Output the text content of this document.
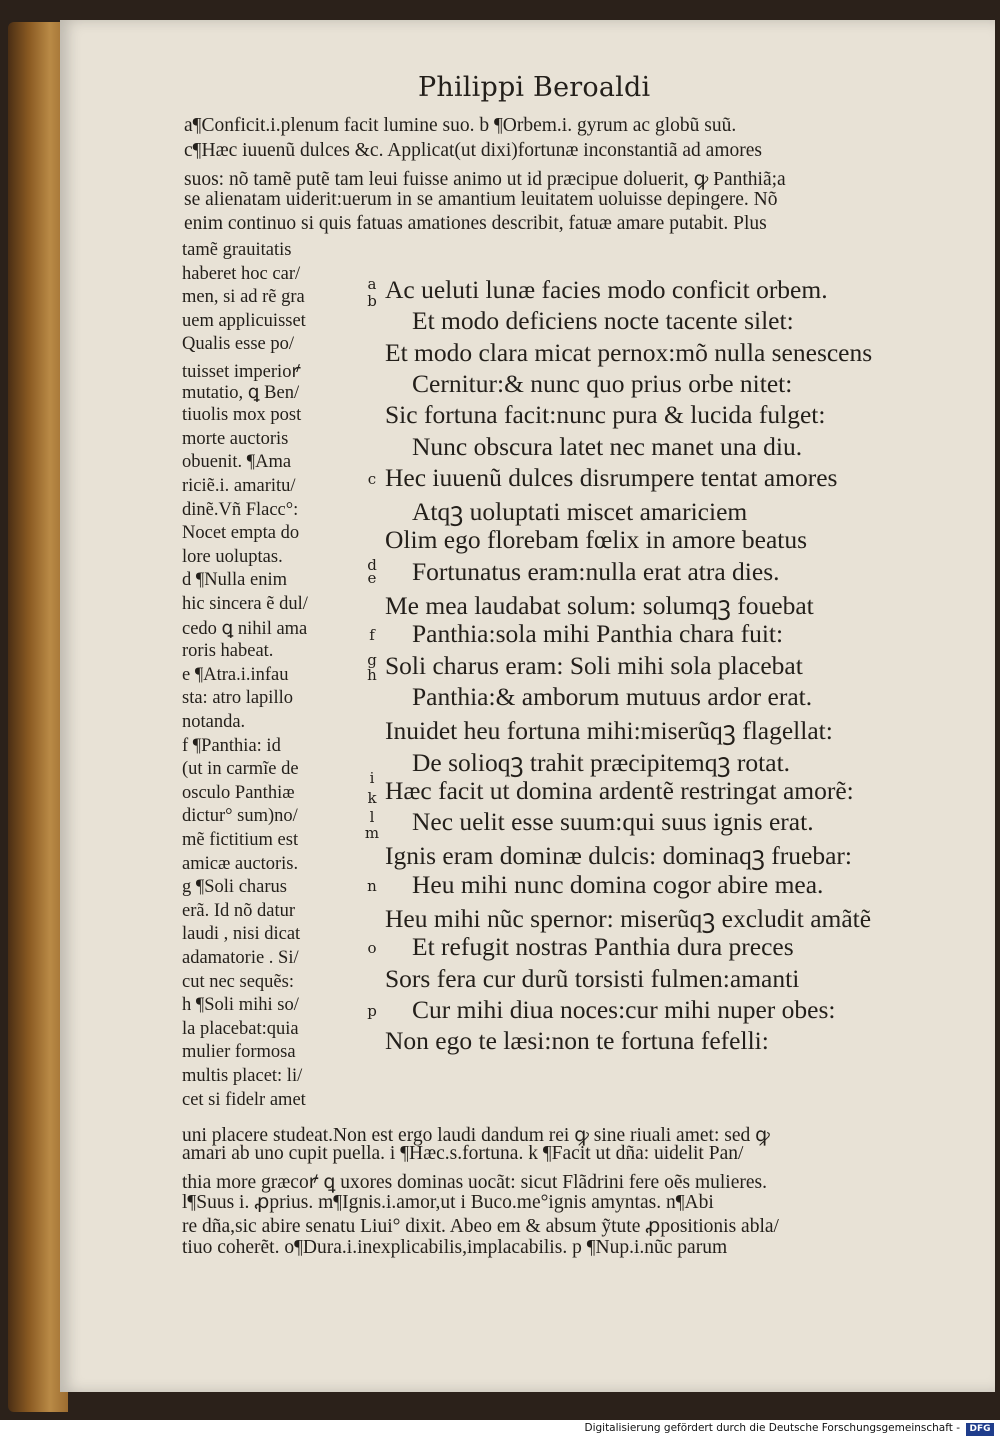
Philippi Beroaldi
a¶Conficit.i.plenum facit lumine suo. b ¶Orbem.i. gyrum ac globũ suũ.
c¶Hæc iuuenũ dulces &c. Applicat(ut dixi)fortunæ inconstantiã ad amores
suos: nõ tamẽ putẽ tam leui fuisse animo ut id præcipue doluerit, ꝙ Panthiã;a
se alienatam uiderit:uerum in se amantium leuitatem uoluisse depingere. Nõ
enim continuo si quis fatuas amationes describit, fatuæ amare putabit. Plus
tamẽ grauitatis
haberet hoc car/
men, si ad rẽ gra
uem applicuisset
Qualis esse po/
tuisset imperioꝵ
mutatio, ꝗ Ben/
tiuolis mox post
morte auctoris
obuenit. ¶Ama
riciẽ.i. amaritu/
dinẽ.Vñ Flacc°:
Nocet empta do
lore uoluptas.
d ¶Nulla enim
hic sincera ẽ dul/
cedo ꝗ nihil ama
roris habeat.
e ¶Atra.i.infau
sta: atro lapillo
notanda.
f ¶Panthia: id
(ut in carmĩe de
osculo Panthiæ
dictur° sum)no/
mẽ fictitium est
amicæ auctoris.
g ¶Soli charus
erã. Id nõ datur
laudi , nisi dicat
adamatorie . Si/
cut nec sequẽs:
h ¶Soli mihi so/
la placebat:quia
mulier formosa
multis placet: li/
cet si fidelr amet
a
b
c
d
e
f
g
h
i
k
l
m
n
o
p
Ac ueluti lunæ facies modo conficit orbem.
Et modo deficiens nocte tacente silet:
Et modo clara micat pernox:mõ nulla senescens
Cernitur:& nunc quo prius orbe nitet:
Sic fortuna facit:nunc pura & lucida fulget:
Nunc obscura latet nec manet una diu.
Hec iuuenũ dulces disrumpere tentat amores
Atqꝫ uoluptati miscet amariciem
Olim ego florebam fœlix in amore beatus
Fortunatus eram:nulla erat atra dies.
Me mea laudabat solum: solumqꝫ fouebat
Panthia:sola mihi Panthia chara fuit:
Soli charus eram: Soli mihi sola placebat
Panthia:& amborum mutuus ardor erat.
Inuidet heu fortuna mihi:miserũqꝫ flagellat:
De solioqꝫ trahit præcipitemqꝫ rotat.
Hæc facit ut domina ardentẽ restringat amorẽ:
Nec uelit esse suum:qui suus ignis erat.
Ignis eram dominæ dulcis: dominaqꝫ fruebar:
Heu mihi nunc domina cogor abire mea.
Heu mihi nũc spernor: miserũqꝫ excludit amãtẽ
Et refugit nostras Panthia dura preces
Sors fera cur durũ torsisti fulmen:amanti
Cur mihi diua noces:cur mihi nuper obes:
Non ego te læsi:non te fortuna fefelli:
uni placere studeat.Non est ergo laudi dandum rei ꝙ sine riuali amet: sed ꝙ
amari ab uno cupit puella. i ¶Hæc.s.fortuna. k ¶Facit ut dña: uidelit Pan/
thia more græcoꝵ ꝗ uxores dominas uocãt: sicut Flãdrini fere oẽs mulieres.
l¶Suus i. ꝓprius. m¶Ignis.i.amor,ut i Buco.me°ignis amyntas. n¶Abi
re dña,sic abire senatu Liui° dixit. Abeo em & absum ỹtute ꝓpositionis abla/
tiuo coherẽt. o¶Dura.i.inexplicabilis,implacabilis. p ¶Nup.i.nũc parum
Digitalisierung gefördert durch die Deutsche Forschungsgemeinschaft -	DFG
